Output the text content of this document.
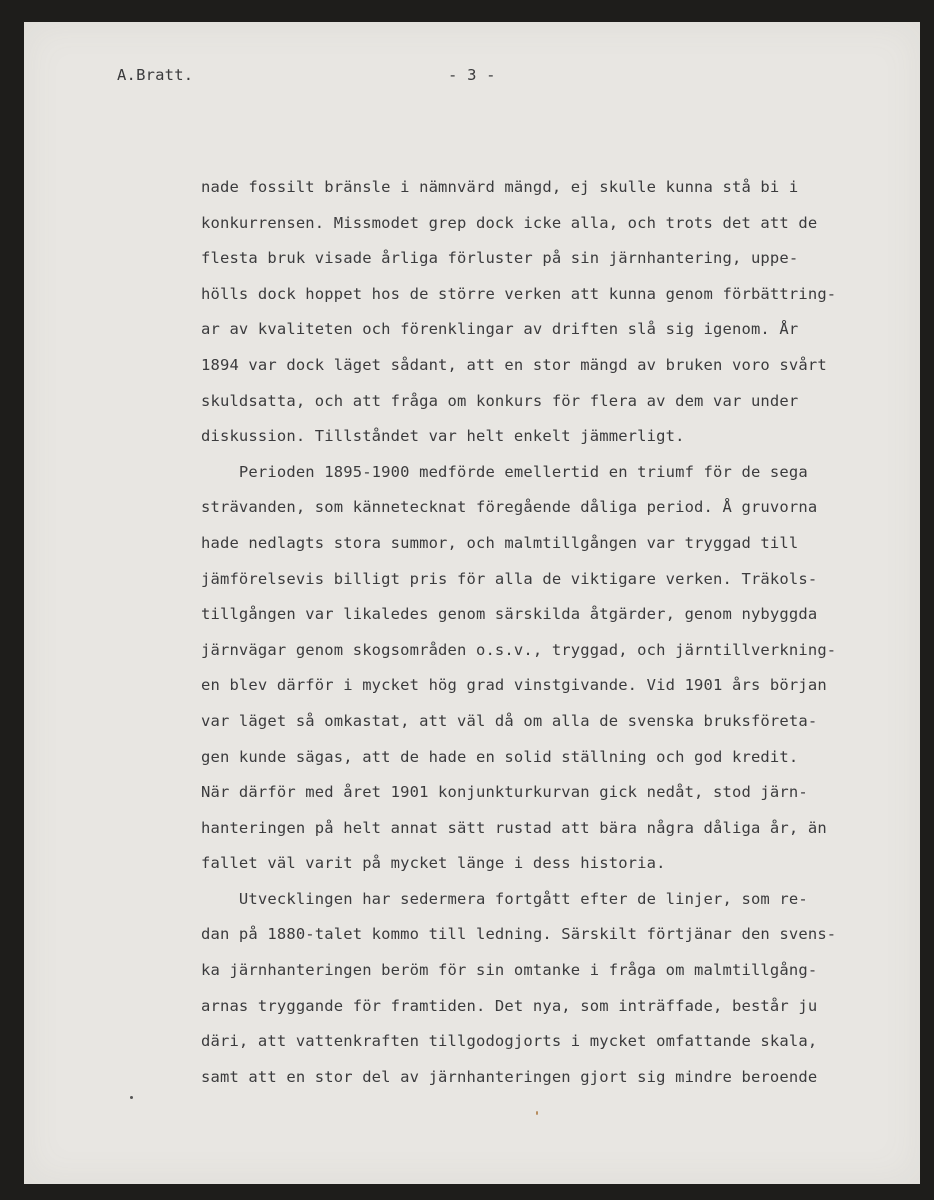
A.Bratt.	- 3 -

nade fossilt bränsle i nämnvärd mängd, ej skulle kunna stå bi i

konkurrensen. Missmodet grep dock icke alla, och trots det att de

flesta bruk visade årliga förluster på sin järnhantering, uppe-

hölls dock hoppet hos de större verken att kunna genom förbättring-

ar av kvaliteten och förenklingar av driften slå sig igenom. År

1894 var dock läget sådant, att en stor mängd av bruken voro svårt

skuldsatta, och att fråga om konkurs för flera av dem var under

diskussion. Tillståndet var helt enkelt jämmerligt.

Perioden 1895-1900 medförde emellertid en triumf för de sega

strävanden, som kännetecknat föregående dåliga period. Å gruvorna

hade nedlagts stora summor, och malmtillgången var tryggad till

jämförelsevis billigt pris för alla de viktigare verken. Träkols-

tillgången var likaledes genom särskilda åtgärder, genom nybyggda

järnvägar genom skogsområden o.s.v., tryggad, och järntillverkning-

en blev därför i mycket hög grad vinstgivande. Vid 1901 års början

var läget så omkastat, att väl då om alla de svenska bruksföreta-

gen kunde sägas, att de hade en solid ställning och god kredit.

När därför med året 1901 konjunkturkurvan gick nedåt, stod järn-

hanteringen på helt annat sätt rustad att bära några dåliga år, än

fallet väl varit på mycket länge i dess historia.

Utvecklingen har sedermera fortgått efter de linjer, som re-

dan på 1880-talet kommo till ledning. Särskilt förtjänar den svens-

ka järnhanteringen beröm för sin omtanke i fråga om malmtillgång-

arnas tryggande för framtiden. Det nya, som inträffade, består ju

däri, att vattenkraften tillgodogjorts i mycket omfattande skala,

samt att en stor del av järnhanteringen gjort sig mindre beroende
